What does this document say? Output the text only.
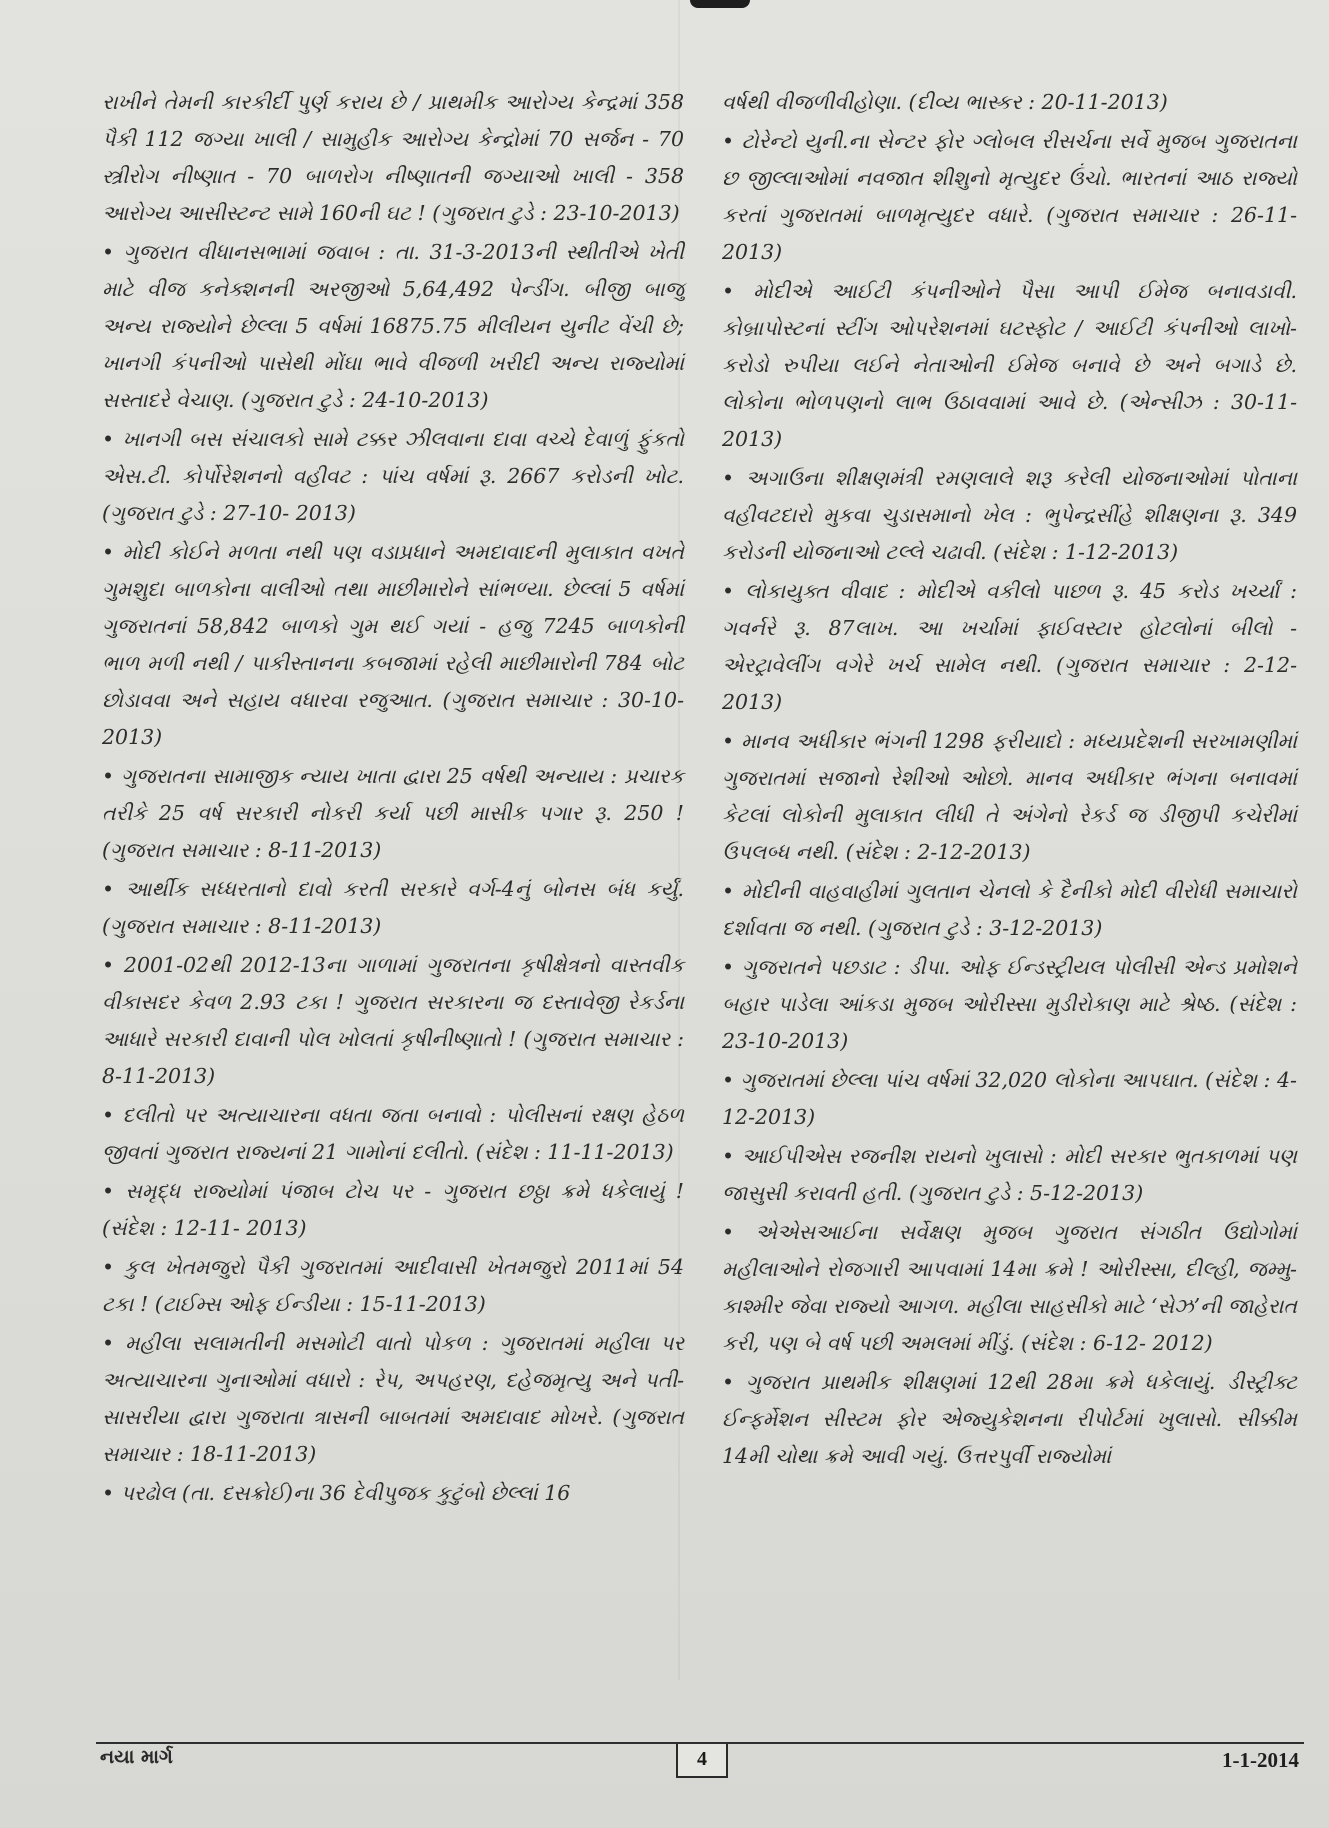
રાખીને તેમની કારકીર્દી પુર્ણ કરાય છે / પ્રાથમીક આરોગ્ય કેન્દ્રમાં 358 પૈકી 112 જગ્યા ખાલી / સામુહીક આરોગ્ય કેન્દ્રોમાં 70 સર્જન - 70 સ્ત્રીરોગ નીષ્ણાત - 70 બાળરોગ નીષ્ણાતની જગ્યાઓ ખાલી - 358 આરોગ્ય આસીસ્ટન્ટ સામે 160ની ઘટ ! (ગુજરાત ટુડે : 23-10-2013)

• ગુજરાત વીધાનસભામાં જવાબ : તા. 31-3-2013ની સ્થીતીએ ખેતી માટે વીજ કનેક્શનની અરજીઓ 5,64,492 પેન્ડીંગ. બીજી બાજુ અન્ય રાજ્યોને છેલ્લા 5 વર્ષમાં 16875.75 મીલીયન યુનીટ વેંચી છે; ખાનગી કંપનીઓ પાસેથી મોંઘા ભાવે વીજળી ખરીદી અન્ય રાજ્યોમાં સસ્તાદરે વેચાણ. (ગુજરાત ટુડે : 24-10-2013)

• ખાનગી બસ સંચાલકો સામે ટક્કર ઝીલવાના દાવા વચ્ચે દેવાળું ફુંકતો એસ.ટી. કોર્પોરેશનનો વહીવટ : પાંચ વર્ષમાં રૂ. 2667 કરોડની ખોટ. (ગુજરાત ટુડે : 27-10- 2013)

• મોદી કોઈને મળતા નથી પણ વડાપ્રધાને અમદાવાદની મુલાકાત વખતે ગુમશુદા બાળકોના વાલીઓ તથા માછીમારોને સાંભળ્યા. છેલ્લાં 5 વર્ષમાં ગુજરાતનાં 58,842 બાળકો ગુમ થઈ ગયાં - હજુ 7245 બાળકોની ભાળ મળી નથી / પાકીસ્તાનના કબજામાં રહેલી માછીમારોની 784 બોટ છોડાવવા અને સહાય વધારવા રજુઆત. (ગુજરાત સમાચાર : 30-10-2013)

• ગુજરાતના સામાજીક ન્યાય ખાતા દ્વારા 25 વર્ષથી અન્યાય : પ્રચારક તરીકે 25 વર્ષ સરકારી નોકરી કર્યા પછી માસીક પગાર રૂ. 250 ! (ગુજરાત સમાચાર : 8-11-2013)

• આર્થીક સધ્ધરતાનો દાવો કરતી સરકારે વર્ગ-4નું બોનસ બંધ કર્યું. (ગુજરાત સમાચાર : 8-11-2013)

• 2001-02થી 2012-13ના ગાળામાં ગુજરાતના કૃષીક્ષેત્રનો વાસ્તવીક વીકાસદર કેવળ 2.93 ટકા ! ગુજરાત સરકારના જ દસ્તાવેજી રેકર્ડના આધારે સરકારી દાવાની પોલ ખોલતાં કૃષીનીષ્ણાતો ! (ગુજરાત સમાચાર : 8-11-2013)

• દલીતો પર અત્યાચારના વધતા જતા બનાવો : પોલીસનાં રક્ષણ હેઠળ જીવતાં ગુજરાત રાજ્યનાં 21 ગામોનાં દલીતો. (સંદેશ : 11-11-2013)

• સમૃદ્ધ રાજ્યોમાં પંજાબ ટોચ પર - ગુજરાત છઠ્ઠા ક્રમે ધકેલાયું ! (સંદેશ : 12-11- 2013)

• કુલ ખેતમજુરો પૈકી ગુજરાતમાં આદીવાસી ખેતમજુરો 2011માં 54 ટકા ! (ટાઈમ્સ ઓફ ઈન્ડીયા : 15-11-2013)

• મહીલા સલામતીની મસમોટી વાતો પોકળ : ગુજરાતમાં મહીલા પર અત્યાચારના ગુનાઓમાં વધારો : રેપ, અપહરણ, દહેજમૃત્યુ અને પતી-સાસરીયા દ્વારા ગુજરાતા ત્રાસની બાબતમાં અમદાવાદ મોખરે. (ગુજરાત સમાચાર : 18-11-2013)

• પરઢોલ (તા. દસક્રોઈ)ના 36 દેવીપુજક કુટુંબો છેલ્લાં 16

વર્ષથી વીજળીવીહોણા. (દીવ્ય ભાસ્કર : 20-11-2013)

• ટોરેન્ટો યુની.ના સેન્ટર ફોર ગ્લોબલ રીસર્ચના સર્વે મુજબ ગુજરાતના છ જીલ્લાઓમાં નવજાત શીશુનો મૃત્યુદર ઉંચો. ભારતનાં આઠ રાજ્યો કરતાં ગુજરાતમાં બાળમૃત્યુદર વધારે. (ગુજરાત સમાચાર : 26-11-2013)

• મોદીએ આઈટી કંપનીઓને પૈસા આપી ઈમેજ બનાવડાવી. કોબ્રાપોસ્ટનાં સ્ટીંગ ઓપરેશનમાં ઘટસ્ફોટ / આઈટી કંપનીઓ લાખો-કરોડો રુપીયા લઈને નેતાઓની ઈમેજ બનાવે છે અને બગાડે છે. લોકોના ભોળપણનો લાભ ઉઠાવવામાં આવે છે. (એન્સીઝ : 30-11-2013)

• અગાઉના શીક્ષણમંત્રી રમણલાલે શરૂ કરેલી યોજનાઓમાં પોતાના વહીવટદારો મુકવા ચુડાસમાનો ખેલ : ભુપેન્દ્રસીંહે શીક્ષણના રૂ. 349 કરોડની યોજનાઓ ટલ્લે ચઢાવી. (સંદેશ : 1-12-2013)

• લોકાયુક્ત વીવાદ : મોદીએ વકીલો પાછળ રૂ. 45 કરોડ ખર્ચ્યાં : ગવર્નરે રૂ. 87લાખ. આ ખર્ચામાં ફાઈવસ્ટાર હોટલોનાં બીલો - એરટ્રાવેલીંગ વગેરે ખર્ચ સામેલ નથી. (ગુજરાત સમાચાર : 2-12-2013)

• માનવ અધીકાર ભંગની 1298 ફરીયાદો : મધ્યપ્રદેશની સરખામણીમાં ગુજરાતમાં સજાનો રેશીઓ ઓછો. માનવ અધીકાર ભંગના બનાવમાં કેટલાં લોકોની મુલાકાત લીધી તે અંગેનો રેકર્ડ જ ડીજીપી કચેરીમાં ઉપલબ્ધ નથી. (સંદેશ : 2-12-2013)

• મોદીની વાહવાહીમાં ગુલતાન ચેનલો કે દૈનીકો મોદી વીરોધી સમાચારો દર્શાવતા જ નથી. (ગુજરાત ટુડે : 3-12-2013)

• ગુજરાતને પછડાટ : ડીપા. ઓફ ઈન્ડસ્ટ્રીયલ પોલીસી એન્ડ પ્રમોશને બહાર પાડેલા આંકડા મુજબ ઓરીસ્સા મુડીરોકાણ માટે શ્રેષ્ઠ. (સંદેશ : 23-10-2013)

• ગુજરાતમાં છેલ્લા પાંચ વર્ષમાં 32,020 લોકોના આપઘાત. (સંદેશ : 4-12-2013)

• આઈપીએસ રજનીશ રાયનો ખુલાસો : મોદી સરકાર ભુતકાળમાં પણ જાસુસી કરાવતી હતી. (ગુજરાત ટુડે : 5-12-2013)

• એએસઆઈના સર્વેક્ષણ મુજબ ગુજરાત સંગઠીત ઉદ્યોગોમાં મહીલાઓને રોજગારી આપવામાં 14મા ક્રમે ! ઓરીસ્સા, દીલ્હી, જમ્મુ-કાશ્મીર જેવા રાજ્યો આગળ. મહીલા સાહસીકો માટે ‘સેઝ’ની જાહેરાત કરી, પણ બે વર્ષ પછી અમલમાં મીંડું. (સંદેશ : 6-12- 2012)

• ગુજરાત પ્રાથમીક શીક્ષણમાં 12થી 28મા ક્રમે ધકેલાયું. ડીસ્ટ્રીક્ટ ઈન્ફર્મેશન સીસ્ટમ ફોર એજ્યુકેશનના રીપોર્ટમાં ખુલાસો. સીક્કીમ 14મી ચોથા ક્રમે આવી ગયું. ઉત્તરપુર્વી રાજ્યોમાં

નયા માર્ગ	4	1-1-2014
